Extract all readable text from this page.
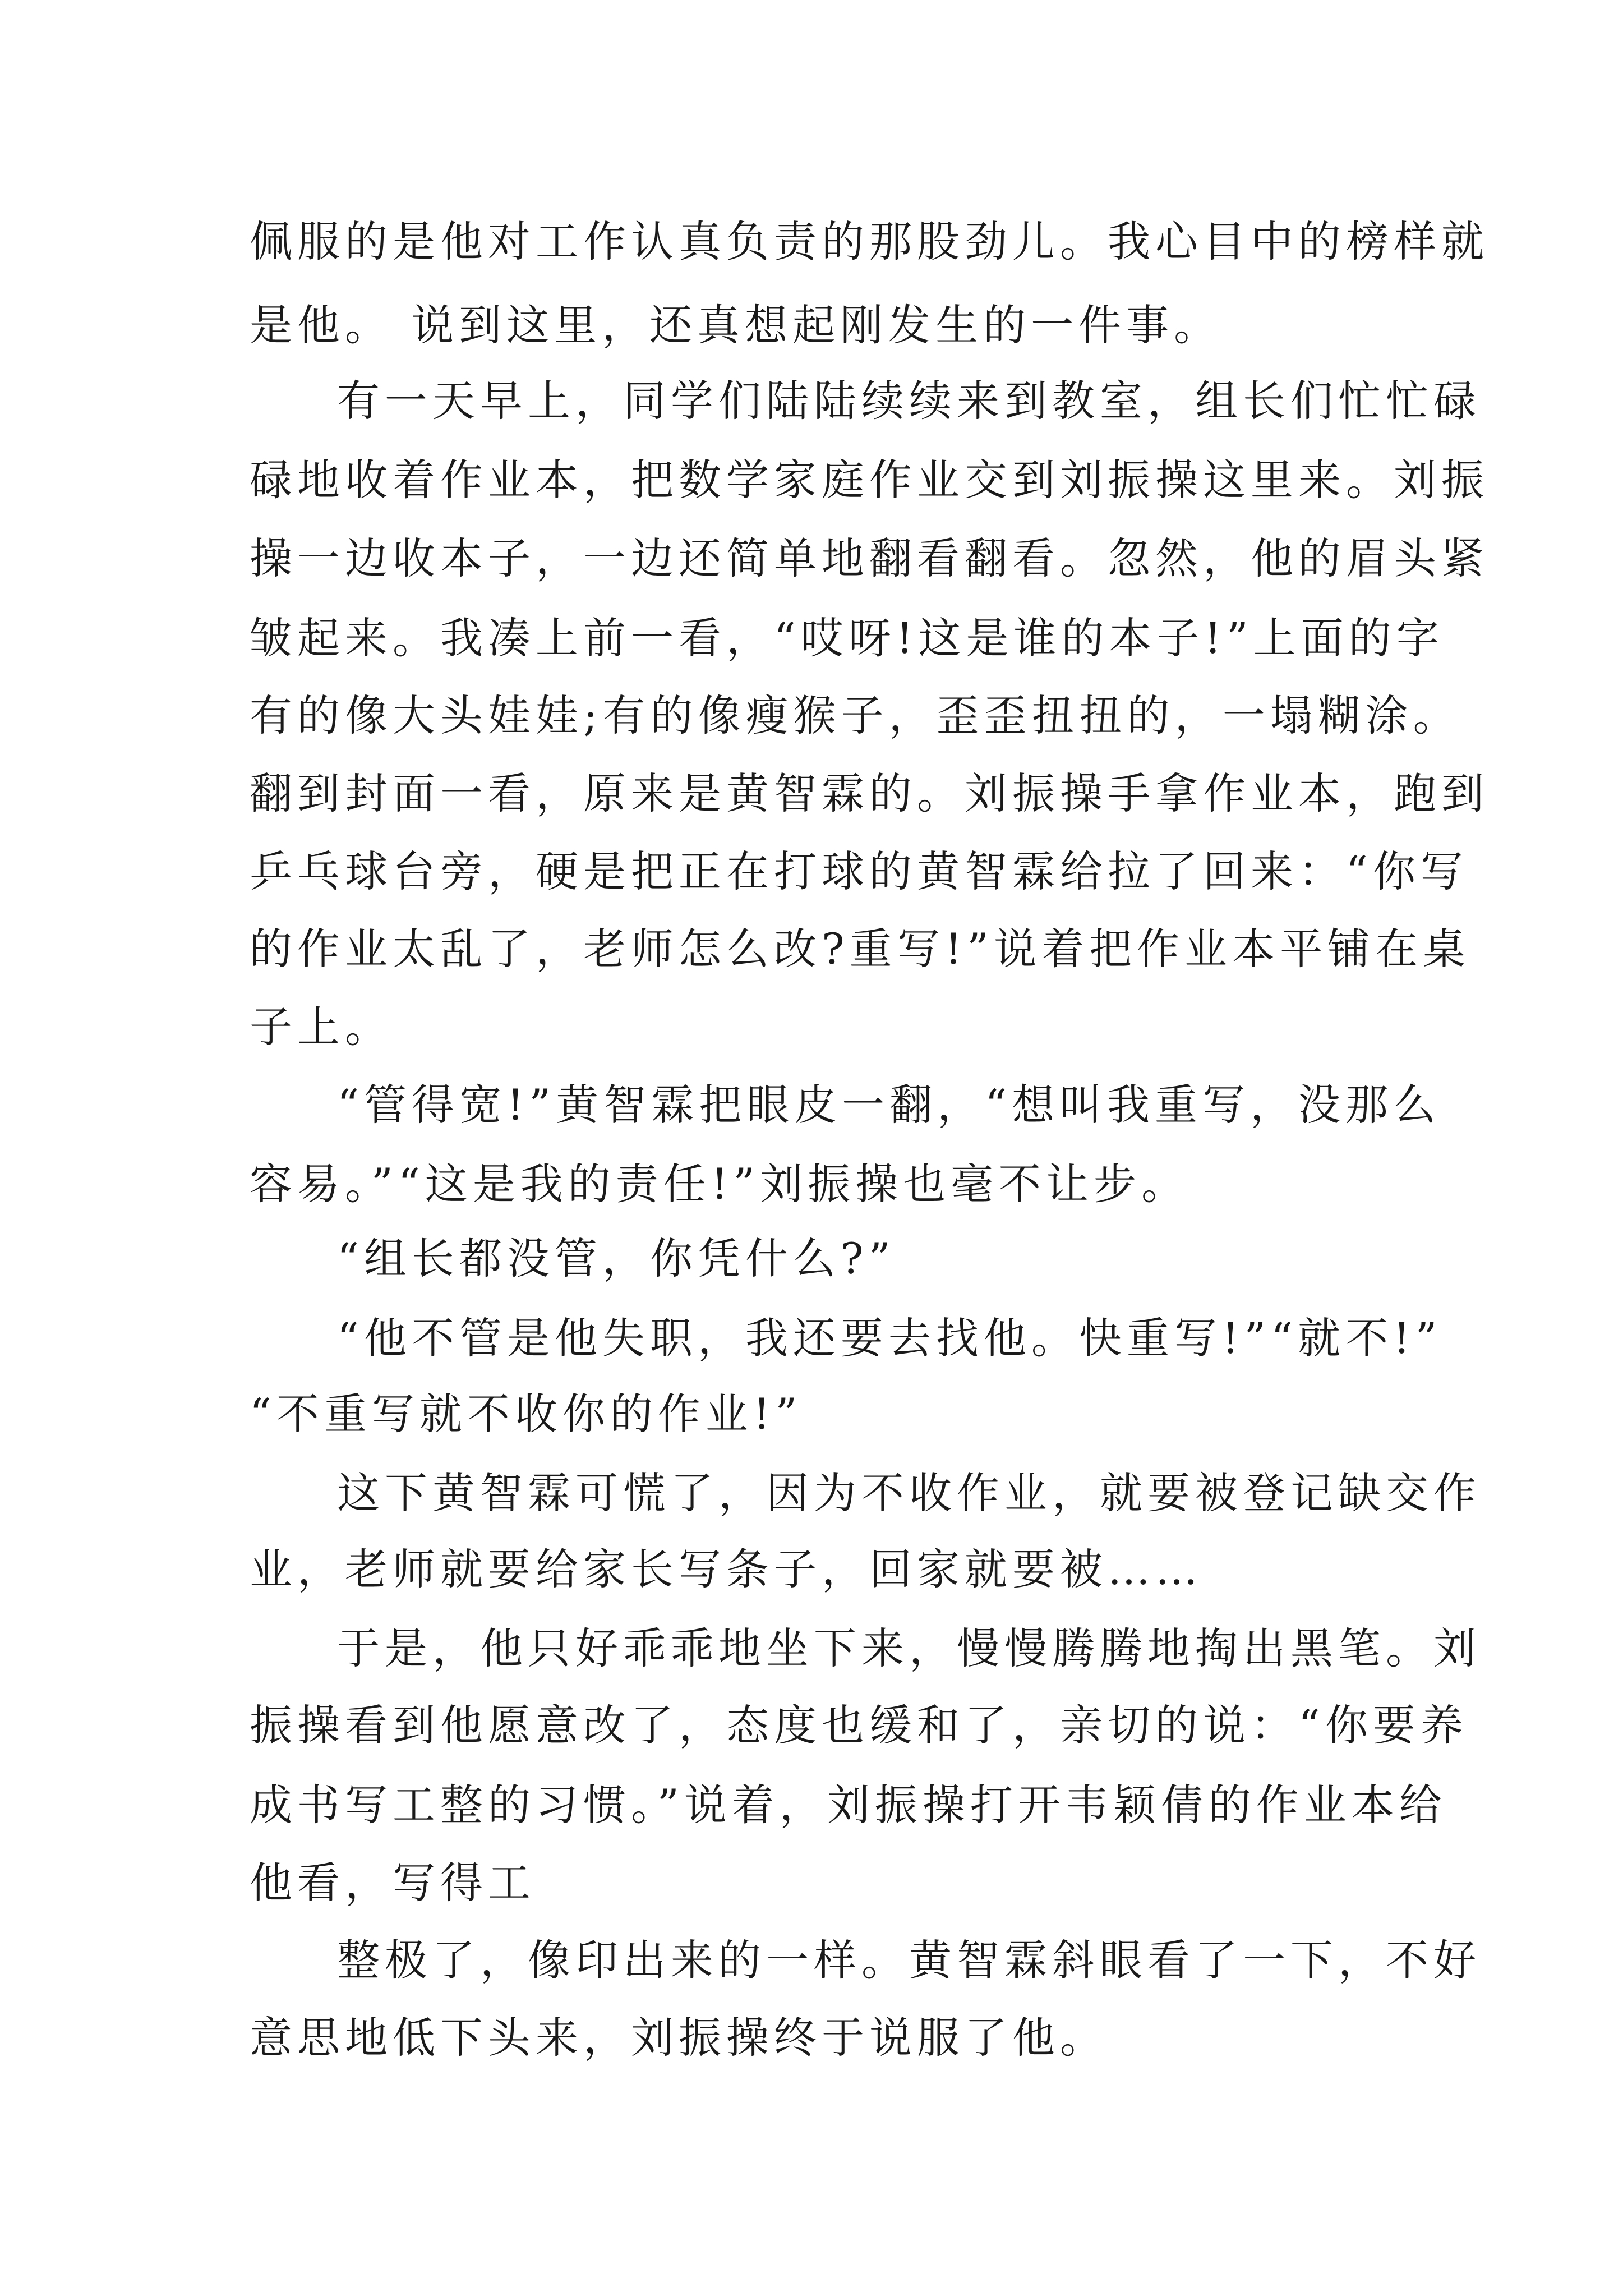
佩服的是他对工作认真负责的那股劲儿。我心目中的榜样就
是他。 说到这里，还真想起刚发生的一件事。
有一天早上，同学们陆陆续续来到教室，组长们忙忙碌
碌地收着作业本，把数学家庭作业交到刘振操这里来。刘振
操一边收本子，一边还简单地翻看翻看。忽然，他的眉头紧
皱起来。我凑上前一看，“哎呀!这是谁的本子!”上面的字
有的像大头娃娃;有的像瘦猴子，歪歪扭扭的，一塌糊涂。
翻到封面一看，原来是黄智霖的。刘振操手拿作业本，跑到
乒乓球台旁，硬是把正在打球的黄智霖给拉了回来：“你写
的作业太乱了，老师怎么改?重写!”说着把作业本平铺在桌
子上。
“管得宽!”黄智霖把眼皮一翻，“想叫我重写，没那么
容易。”“这是我的责任!”刘振操也毫不让步。
“组长都没管，你凭什么?”
“他不管是他失职，我还要去找他。快重写!”“就不!”
“不重写就不收你的作业!”
这下黄智霖可慌了，因为不收作业，就要被登记缺交作
业，老师就要给家长写条子，回家就要被……
于是，他只好乖乖地坐下来，慢慢腾腾地掏出黑笔。刘
振操看到他愿意改了，态度也缓和了，亲切的说：“你要养
成书写工整的习惯。”说着，刘振操打开韦颖倩的作业本给
他看，写得工
整极了，像印出来的一样。黄智霖斜眼看了一下，不好
意思地低下头来，刘振操终于说服了他。
